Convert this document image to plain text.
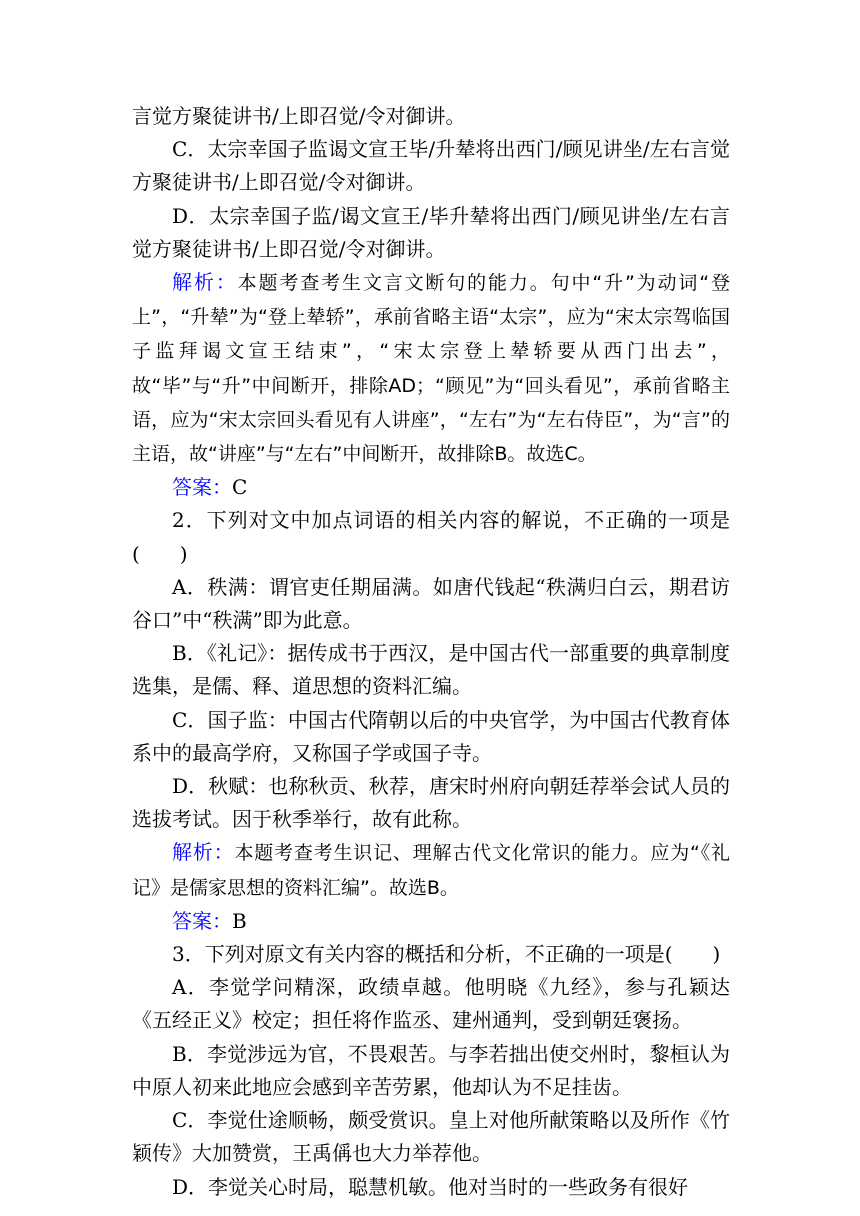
言觉方聚徒讲书/上即召觉/令对御讲。

C．太宗幸国子监谒文宣王毕/升辇将出西门/顾见讲坐/左右言觉方聚徒讲书/上即召觉/令对御讲。

D．太宗幸国子监/谒文宣王/毕升辇将出西门/顾见讲坐/左右言觉方聚徒讲书/上即召觉/令对御讲。

解析：本题考查考生文言文断句的能力。句中“升”为动词“登上”，“升辇”为“登上辇轿”，承前省略主语“太宗”，应为“宋太宗驾临国子监拜谒文宣王结束”，“宋太宗登上辇轿要从西门出去”，故“毕”与“升”中间断开，排除AD；“顾见”为“回头看见”，承前省略主语，应为“宋太宗回头看见有人讲座”，“左右”为“左右侍臣”，为“言”的主语，故“讲座”与“左右”中间断开，故排除B。故选C。

答案：C

2．下列对文中加点词语的相关内容的解说，不正确的一项是(　　)

A．秩满：谓官吏任期届满。如唐代钱起“秩满归白云，期君访谷口”中“秩满”即为此意。

B．《礼记》：据传成书于西汉，是中国古代一部重要的典章制度选集，是儒、释、道思想的资料汇编。

C．国子监：中国古代隋朝以后的中央官学，为中国古代教育体系中的最高学府，又称国子学或国子寺。

D．秋赋：也称秋贡、秋荐，唐宋时州府向朝廷荐举会试人员的选拔考试。因于秋季举行，故有此称。

解析：本题考查考生识记、理解古代文化常识的能力。应为“《礼记》是儒家思想的资料汇编”。故选B。

答案：B

3．下列对原文有关内容的概括和分析，不正确的一项是(　　)

A．李觉学问精深，政绩卓越。他明晓《九经》，参与孔颖达《五经正义》校定；担任将作监丞、建州通判，受到朝廷褒扬。

B．李觉涉远为官，不畏艰苦。与李若拙出使交州时，黎桓认为中原人初来此地应会感到辛苦劳累，他却认为不足挂齿。

C．李觉仕途顺畅，颇受赏识。皇上对他所献策略以及所作《竹颖传》大加赞赏，王禹偁也大力举荐他。

D．李觉关心时局，聪慧机敏。他对当时的一些政务有很好
